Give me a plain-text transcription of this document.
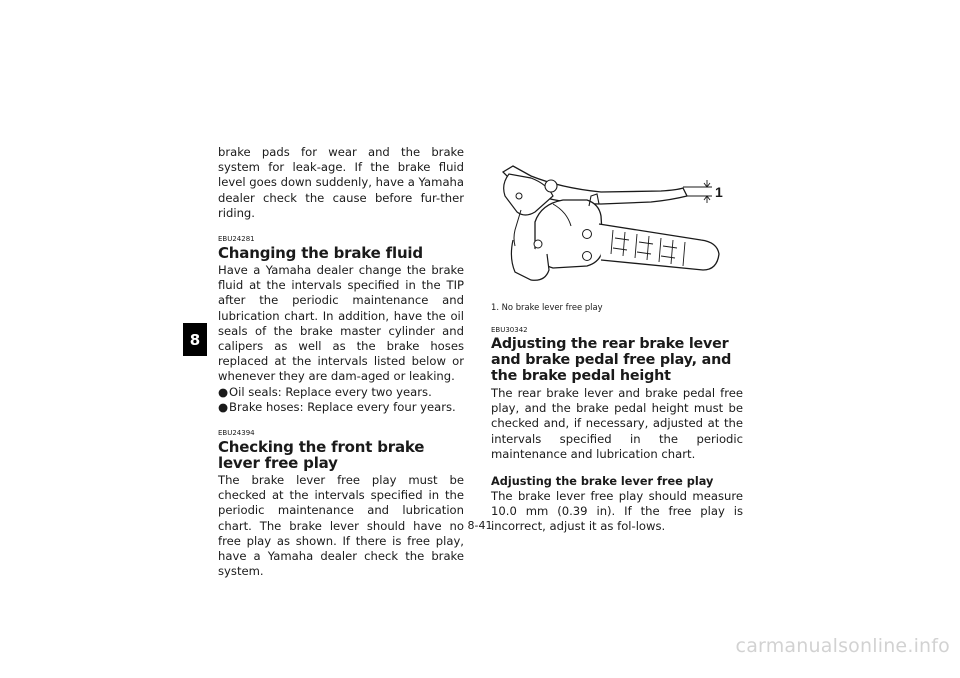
8

brake pads for wear and the brake system for leak-age. If the brake fluid level goes down suddenly, have a Yamaha dealer check the cause before fur-ther riding.

EBU24281
Changing the brake fluid

Have a Yamaha dealer change the brake fluid at the intervals specified in the TIP after the periodic maintenance and lubrication chart. In addition, have the oil seals of the brake master cylinder and calipers as well as the brake hoses replaced at the intervals listed below or whenever they are dam-aged or leaking.

● Oil seals: Replace every two years.
● Brake hoses: Replace every four years.
EBU24394
Checking the front brake lever free play

The brake lever free play must be checked at the intervals specified in the periodic maintenance and lubrication chart. The brake lever should have no free play as shown. If there is free play, have a Yamaha dealer check the brake system.

1
1. No brake lever free play
EBU30342
Adjusting the rear brake lever and brake pedal free play, and the brake pedal height

The rear brake lever and brake pedal free play, and the brake pedal height must be checked and, if necessary, adjusted at the intervals specified in the periodic maintenance and lubrication chart.

Adjusting the brake lever free play

The brake lever free play should measure 10.0 mm (0.39 in). If the free play is incorrect, adjust it as fol-lows.

8-41
carmanualsonline.info
